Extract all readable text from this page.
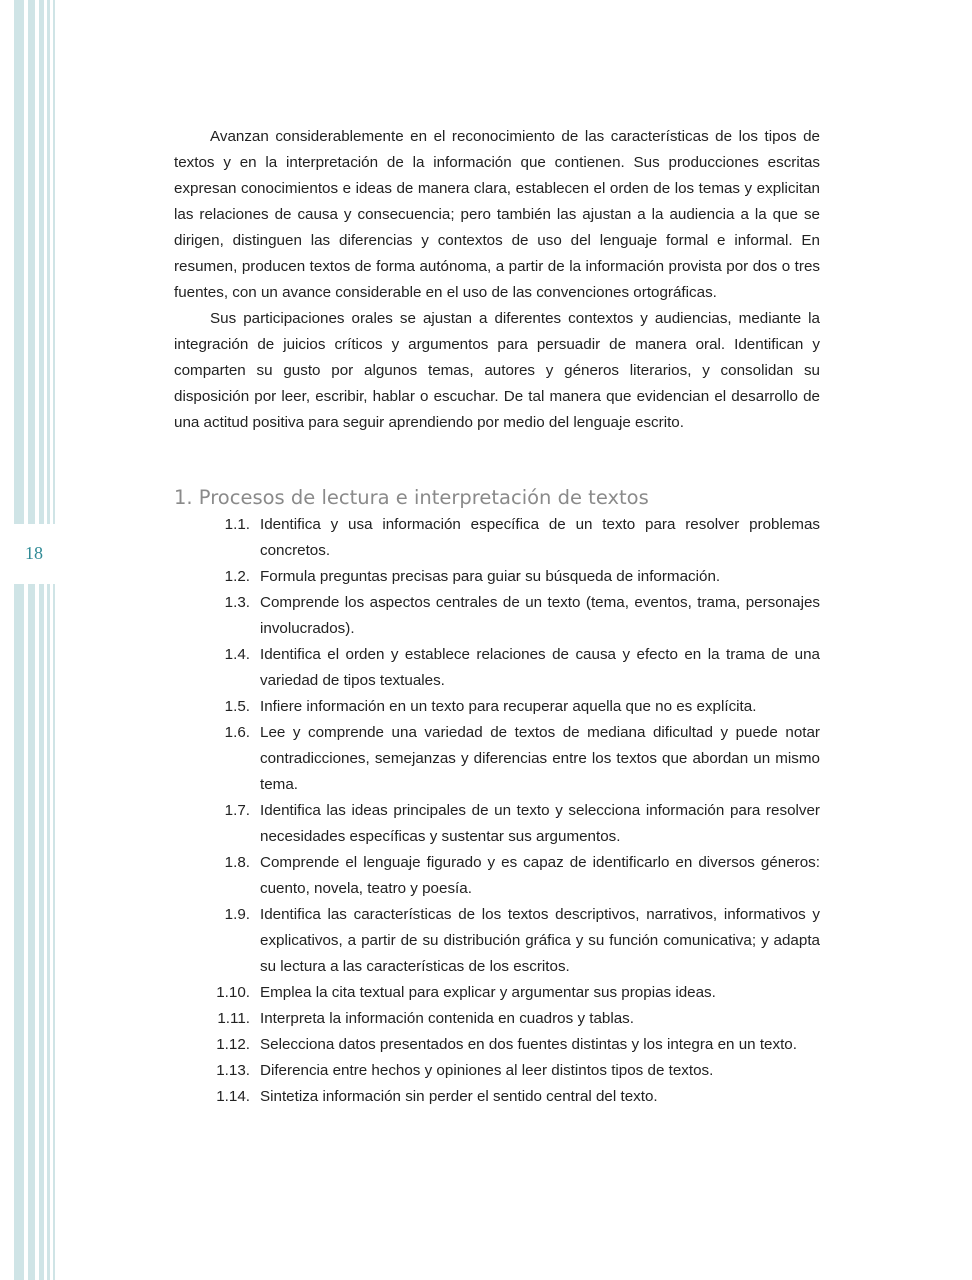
18

Avanzan considerablemente en el reconocimiento de las características de los tipos de textos y en la interpretación de la información que contienen. Sus producciones escritas expresan conocimientos e ideas de manera clara, establecen el orden de los temas y explicitan las relaciones de causa y consecuencia; pero también las ajustan a la audiencia a la que se dirigen, distinguen las diferencias y contextos de uso del lenguaje formal e informal. En resumen, producen textos de forma autónoma, a partir de la información provista por dos o tres fuentes, con un avance considerable en el uso de las convenciones ortográficas.

Sus participaciones orales se ajustan a diferentes contextos y audiencias, mediante la integración de juicios críticos y argumentos para persuadir de manera oral. Identifican y comparten su gusto por algunos temas, autores y géneros literarios, y consolidan su disposición por leer, escribir, hablar o escuchar. De tal manera que evidencian el desarrollo de una actitud positiva para seguir aprendiendo por medio del lenguaje escrito.

1. Procesos de lectura e interpretación de textos
1.1. Identifica y usa información específica de un texto para resolver problemas concretos.
1.2. Formula preguntas precisas para guiar su búsqueda de información.
1.3. Comprende los aspectos centrales de un texto (tema, eventos, trama, personajes involucrados).
1.4. Identifica el orden y establece relaciones de causa y efecto en la trama de una variedad de tipos textuales.
1.5. Infiere información en un texto para recuperar aquella que no es explícita.
1.6. Lee y comprende una variedad de textos de mediana dificultad y puede notar contradicciones, semejanzas y diferencias entre los textos que abordan un mismo tema.
1.7. Identifica las ideas principales de un texto y selecciona información para resolver necesidades específicas y sustentar sus argumentos.
1.8. Comprende el lenguaje figurado y es capaz de identificarlo en diversos géneros: cuento, novela, teatro y poesía.
1.9. Identifica las características de los textos descriptivos, narrativos, informativos y explicativos, a partir de su distribución gráfica y su función comunicativa; y adapta su lectura a las características de los escritos.
1.10. Emplea la cita textual para explicar y argumentar sus propias ideas.
1.11. Interpreta la información contenida en cuadros y tablas.
1.12. Selecciona datos presentados en dos fuentes distintas y los integra en un texto.
1.13. Diferencia entre hechos y opiniones al leer distintos tipos de textos.
1.14. Sintetiza información sin perder el sentido central del texto.
